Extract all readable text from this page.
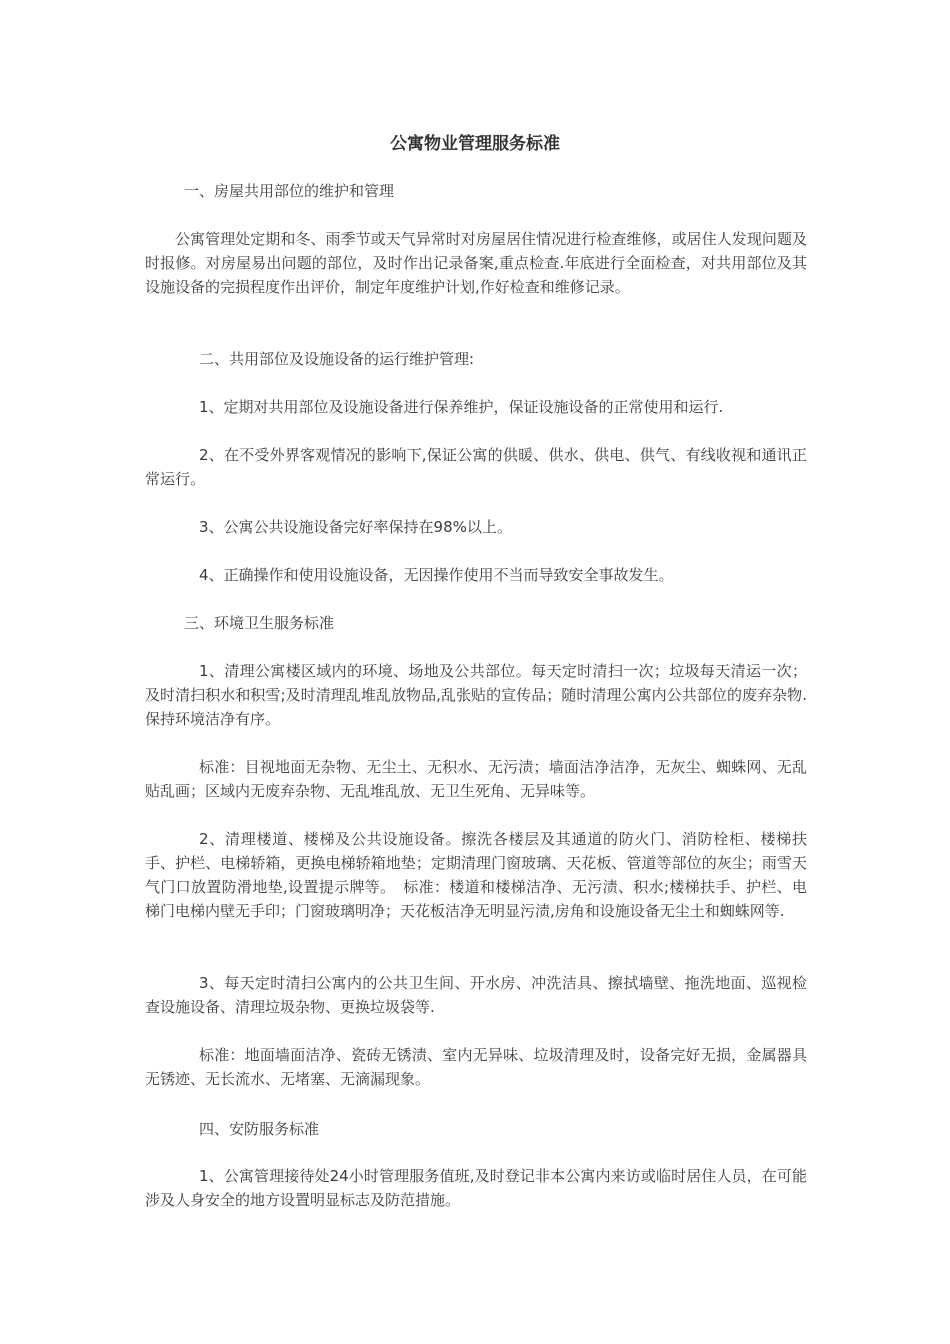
公寓物业管理服务标准

一、房屋共用部位的维护和管理

公寓管理处定期和冬、雨季节或天气异常时对房屋居住情况进行检查维修，或居住人发现问题及时报修。对房屋易出问题的部位，及时作出记录备案,重点检查.年底进行全面检查，对共用部位及其设施设备的完损程度作出评价，制定年度维护计划,作好检查和维修记录。

二、共用部位及设施设备的运行维护管理:

1、定期对共用部位及设施设备进行保养维护，保证设施设备的正常使用和运行.

2、在不受外界客观情况的影响下,保证公寓的供暖、供水、供电、供气、有线收视和通讯正常运行。

3、公寓公共设施设备完好率保持在98%以上。

4、正确操作和使用设施设备，无因操作使用不当而导致安全事故发生。

三、环境卫生服务标准

1、清理公寓楼区域内的环境、场地及公共部位。每天定时清扫一次；垃圾每天清运一次；及时清扫积水和积雪;及时清理乱堆乱放物品,乱张贴的宣传品；随时清理公寓内公共部位的废弃杂物.保持环境洁净有序。

标准：目视地面无杂物、无尘土、无积水、无污渍；墙面洁净洁净，无灰尘、蜘蛛网、无乱贴乱画；区域内无废弃杂物、无乱堆乱放、无卫生死角、无异味等。

2、清理楼道、楼梯及公共设施设备。擦洗各楼层及其通道的防火门、消防栓柜、楼梯扶手、护栏、电梯轿箱，更换电梯轿箱地垫；定期清理门窗玻璃、天花板、管道等部位的灰尘；雨雪天气门口放置防滑地垫,设置提示牌等。　标准：楼道和楼梯洁净、无污渍、积水;楼梯扶手、护栏、电梯门电梯内壁无手印；门窗玻璃明净；天花板洁净无明显污渍,房角和设施设备无尘土和蜘蛛网等.

3、每天定时清扫公寓内的公共卫生间、开水房、冲洗洁具、擦拭墙壁、拖洗地面、巡视检查设施设备、清理垃圾杂物、更换垃圾袋等.

标准：地面墙面洁净、瓷砖无锈渍、室内无异味、垃圾清理及时，设备完好无损，金属器具无锈迹、无长流水、无堵塞、无滴漏现象。

四、安防服务标准

1、公寓管理接待处24小时管理服务值班,及时登记非本公寓内来访或临时居住人员，在可能涉及人身安全的地方设置明显标志及防范措施。
